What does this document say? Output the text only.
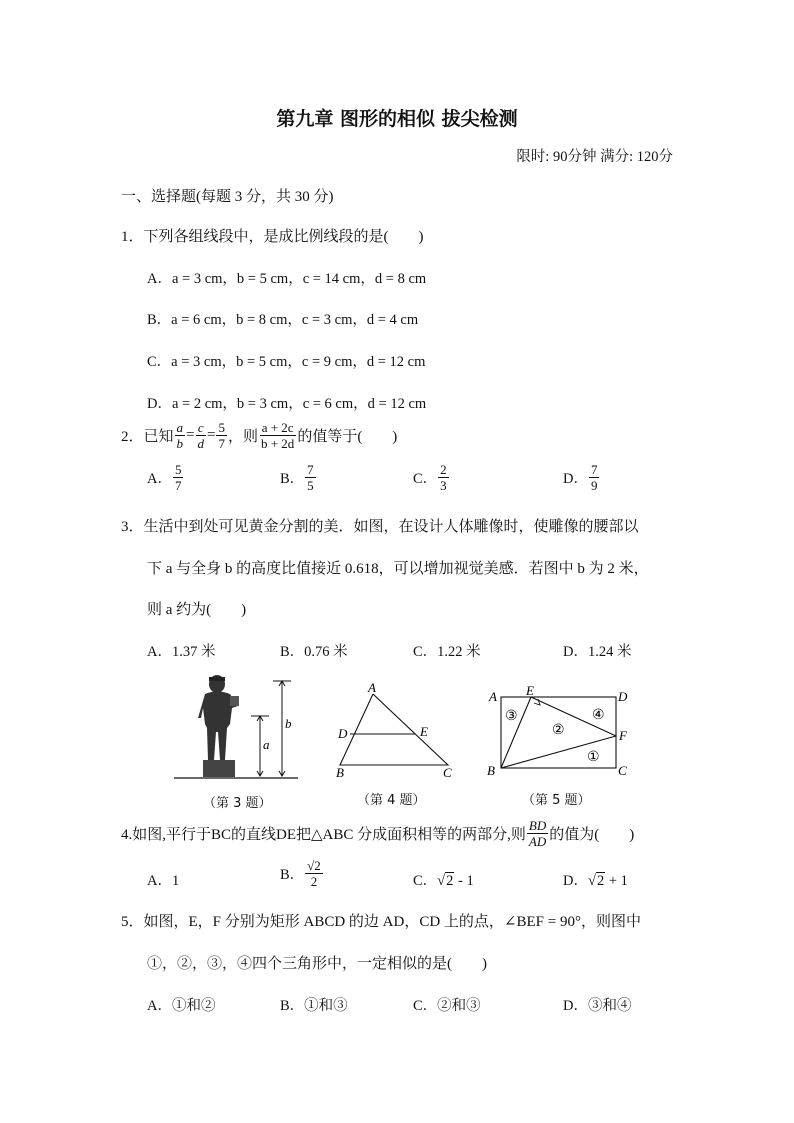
第九章 图形的相似 拔尖检测
限时: 90分钟 满分: 120分
一、选择题(每题 3 分，共 30 分)
1．下列各组线段中，是成比例线段的是(　　)
A．a = 3 cm，b = 5 cm，c = 14 cm，d = 8 cm
B．a = 6 cm，b = 8 cm，c = 3 cm，d = 4 cm
C．a = 3 cm，b = 5 cm，c = 9 cm，d = 12 cm
D．a = 2 cm，b = 3 cm，c = 6 cm，d = 12 cm
2．已知 $\frac{a}{b} = \frac{c}{d} = \frac{5}{7}$ ，则 $\frac{a + 2c}{b + 2d}$ 的值等于(　　)
A． $\frac{5}{7}$	B． $\frac{7}{5}$	C． $\frac{2}{3}$	D． $\frac{7}{9}$
3．生活中到处可见黄金分割的美．如图，在设计人体雕像时，使雕像的腰部以
下 a 与全身 b 的高度比值接近 0.618，可以增加视觉美感．若图中 b 为 2 米，
则 a 约为(　　)
A．1.37 米	B．0.76 米	C．1.22 米	D．1.24 米
a
b
（第 3 题）
A
B	C
D	E
（第 4 题）
A
B	C
D
E
F
①
②
③	④
（第 5 题）
4.如图,平行于BC的直线DE把△ABC 分成面积相等的两部分,则 $\frac{BD}{AD}$ 的值为(　　)
A．1	B． $\frac{√2}{2}$	C．√2 - 1	D．√2 + 1
5．如图，E，F 分别为矩形 ABCD 的边 AD，CD 上的点，∠BEF = 90°，则图中
①，②，③，④四个三角形中，一定相似的是(　　)
A．①和②	B．①和③	C．②和③	D．③和④
